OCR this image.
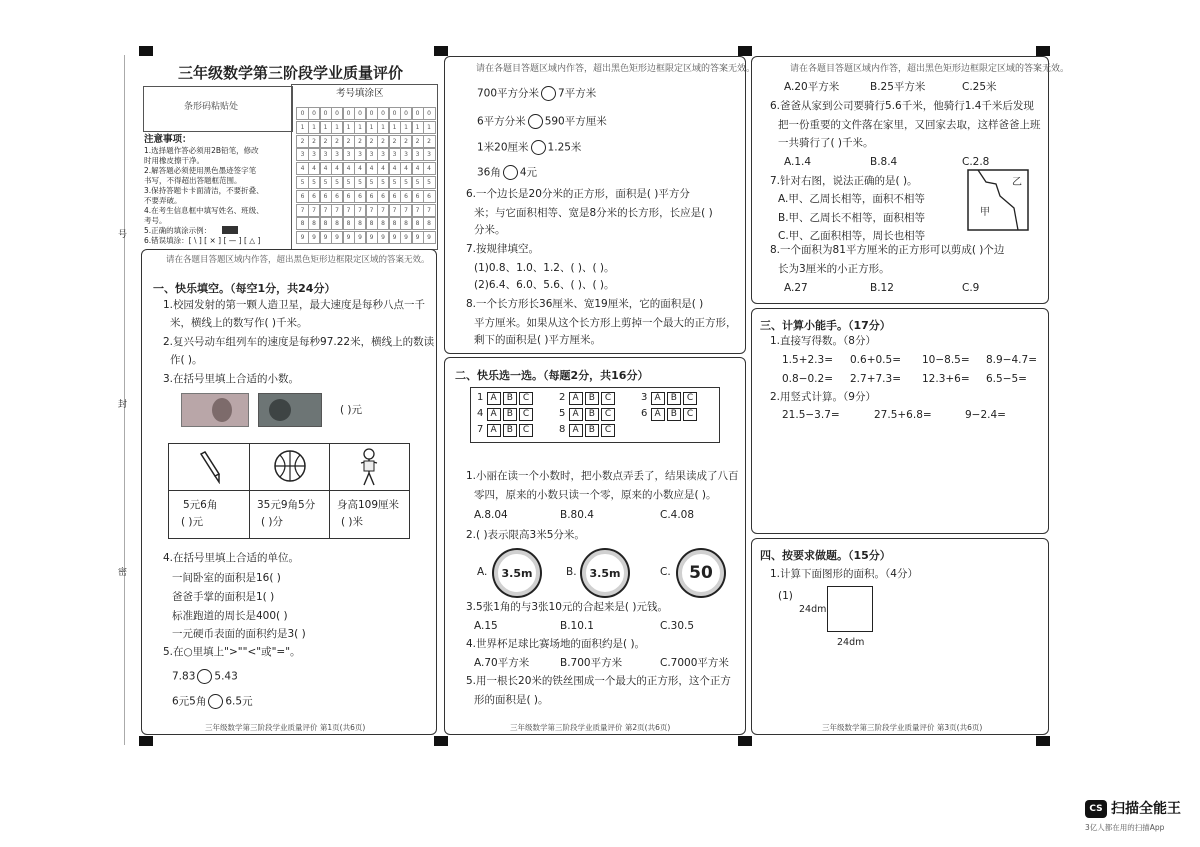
号
封
密
三年级数学第三阶段学业质量评价
条形码粘贴处
考号填涂区
0	0	0	0	0	0	0	0	0	0	0	0
1	1	1	1	1	1	1	1	1	1	1	1
2	2	2	2	2	2	2	2	2	2	2	2
3	3	3	3	3	3	3	3	3	3	3	3
4	4	4	4	4	4	4	4	4	4	4	4
5	5	5	5	5	5	5	5	5	5	5	5
6	6	6	6	6	6	6	6	6	6	6	6
7	7	7	7	7	7	7	7	7	7	7	7
8	8	8	8	8	8	8	8	8	8	8	8
9	9	9	9	9	9	9	9	9	9	9	9
注意事项：
1.选择题作答必须用2B铅笔，修改
时用橡皮擦干净。
2.解答题必须使用黑色墨迹签字笔
书写，不得超出答题框范围。
3.保持答题卡卡面清洁，不要折叠、
不要弄破。
4.在考生信息框中填写姓名、班级、
考号。
5.正确的填涂示例：
6.错误填涂：[ \ ] [ × ] [ — ] [ △ ]
请在各题目答题区域内作答，超出黑色矩形边框限定区域的答案无效。
一、快乐填空。（每空1分，共24分）
1.校园发射的第一颗人造卫星，最大速度是每秒八点一千
米，横线上的数写作( )千米。
2.复兴号动车组列车的速度是每秒97.22米，横线上的数读
作( )。
3.在括号里填上合适的小数。
( )元
5元6角	35元9角5分 身高109厘米
( )元	( )分	( )米
4.在括号里填上合适的单位。
一间卧室的面积是16( )
爸爸手掌的面积是1( )
标准跑道的周长是400( )
一元硬币表面的面积约是3( )
5.在○里填上">""<"或"="。
7.83 5.43
6元5角 6.5元
三年级数学第三阶段学业质量评价 第1页(共6页)
请在各题目答题区域内作答，超出黑色矩形边框限定区域的答案无效。
700平方分米 7平方米
6平方分米 590平方厘米
1米20厘米 1.25米
36角 4元
6.一个边长是20分米的正方形，面积是( )平方分
米；与它面积相等、宽是8分米的长方形，长应是( )
分米。
7.按规律填空。
(1)0.8、1.0、1.2、( )、( )。
(2)6.4、6.0、5.6、( )、( )。
8.一个长方形长36厘米、宽19厘米，它的面积是( )
平方厘米。如果从这个长方形上剪掉一个最大的正方形，
剩下的面积是( )平方厘米。
二、快乐选一选。（每题2分，共16分）
1 A B C	2 A B C	3 A B C
4 A B C	5 A B C	6 A B C
7 A B C	8 A B C
1.小丽在读一个小数时，把小数点弄丢了，结果读成了八百
零四，原来的小数只读一个零，原来的小数应是( )。
A.8.04	B.80.4	C.4.08
2.( )表示限高3米5分米。
A. 3.5m	B. 3.5m	C. 50
3.5张1角的与3张10元的合起来是( )元钱。
A.15	B.10.1	C.30.5
4.世界杯足球比赛场地的面积约是( )。
A.70平方米	B.700平方米	C.7000平方米
5.用一根长20米的铁丝围成一个最大的正方形，这个正方
形的面积是( )。
三年级数学第三阶段学业质量评价 第2页(共6页)
请在各题目答题区域内作答，超出黑色矩形边框限定区域的答案无效。
A.20平方米	B.25平方米	C.25米
6.爸爸从家到公司要骑行5.6千米，他骑行1.4千米后发现
把一份重要的文件落在家里，又回家去取，这样爸爸上班
一共骑行了( )千米。
A.1.4	B.8.4	C.2.8
7.针对右图，说法正确的是( )。
A.甲、乙周长相等，面积不相等
B.甲、乙周长不相等，面积相等
C.甲、乙面积相等，周长也相等
甲
乙
8.一个面积为81平方厘米的正方形可以剪成( )个边
长为3厘米的小正方形。
A.27	B.12	C.9
三、计算小能手。（17分）
1.直接写得数。（8分）
1.5+2.3= 0.6+0.5= 10−8.5= 8.9−4.7=
0.8−0.2= 2.7+7.3= 12.3+6= 6.5−5=
2.用竖式计算。（9分）
21.5−3.7=	27.5+6.8=	9−2.4=
四、按要求做题。（15分）
1.计算下面图形的面积。（4分）
(1)
24dm
24dm
三年级数学第三阶段学业质量评价 第3页(共6页)
CS 扫描全能王
3亿人都在用的扫描App
